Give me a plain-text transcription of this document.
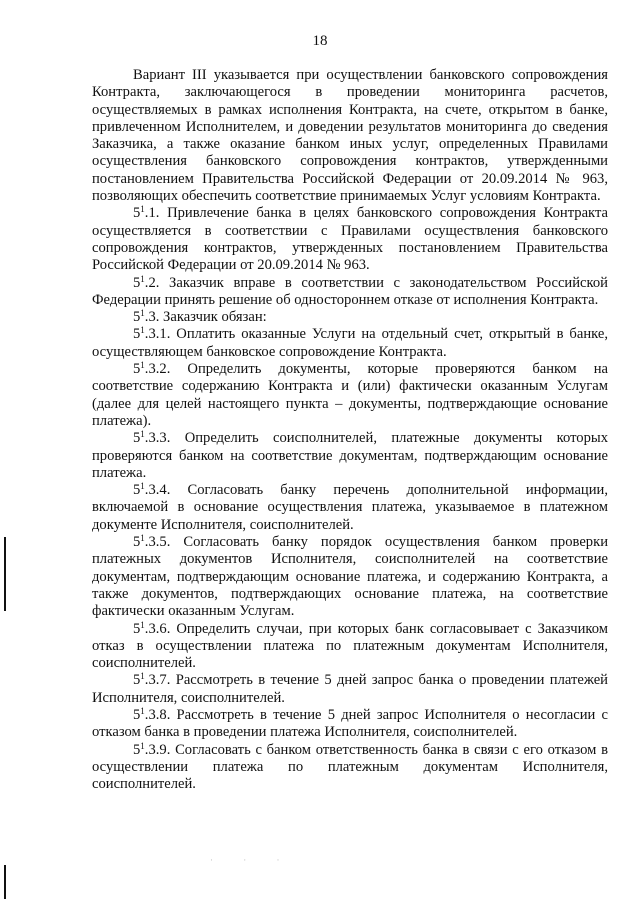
18

Вариант III указывается при осуществлении банковского сопровождения Контракта, заключающегося в проведении мониторинга расчетов, осуществляемых в рамках исполнения Контракта, на счете, открытом в банке, привлеченном Исполнителем, и доведении результатов мониторинга до сведения Заказчика, а также оказание банком иных услуг, определенных Правилами осуществления банковского сопровождения контрактов, утвержденными постановлением Правительства Российской Федерации от 20.09.2014 № 963, позволяющих обеспечить соответствие принимаемых Услуг условиям Контракта.

$5^1.1$. Привлечение банка в целях банковского сопровождения Контракта осуществляется в соответствии с Правилами осуществления банковского сопровождения контрактов, утвержденных постановлением Правительства Российской Федерации от 20.09.2014 № 963.

$5^1.2$. Заказчик вправе в соответствии с законодательством Российской Федерации принять решение об одностороннем отказе от исполнения Контракта.

$5^1.3$. Заказчик обязан:

$5^1.3.1$. Оплатить оказанные Услуги на отдельный счет, открытый в банке, осуществляющем банковское сопровождение Контракта.

$5^1.3.2$. Определить документы, которые проверяются банком на соответствие содержанию Контракта и (или) фактически оказанным Услугам (далее для целей настоящего пункта – документы, подтверждающие основание платежа).

$5^1.3.3$. Определить соисполнителей, платежные документы которых проверяются банком на соответствие документам, подтверждающим основание платежа.

$5^1.3.4$. Согласовать банку перечень дополнительной информации, включаемой в основание осуществления платежа, указываемое в платежном документе Исполнителя, соисполнителей.

$5^1.3.5$. Согласовать банку порядок осуществления банком проверки платежных документов Исполнителя, соисполнителей на соответствие документам, подтверждающим основание платежа, и содержанию Контракта, а также документов, подтверждающих основание платежа, на соответствие фактически оказанным Услугам.

$5^1.3.6$. Определить случаи, при которых банк согласовывает с Заказчиком отказ в осуществлении платежа по платежным документам Исполнителя, соисполнителей.

$5^1.3.7$. Рассмотреть в течение 5 дней запрос банка о проведении платежей Исполнителя, соисполнителей.

$5^1.3.8$. Рассмотреть в течение 5 дней запрос Исполнителя о несогласии с отказом банка в проведении платежа Исполнителя, соисполнителей.

$5^1.3.9$. Согласовать с банком ответственность банка в связи с его отказом в осуществлении платежа по платежным документам Исполнителя, соисполнителей.

· · ·
